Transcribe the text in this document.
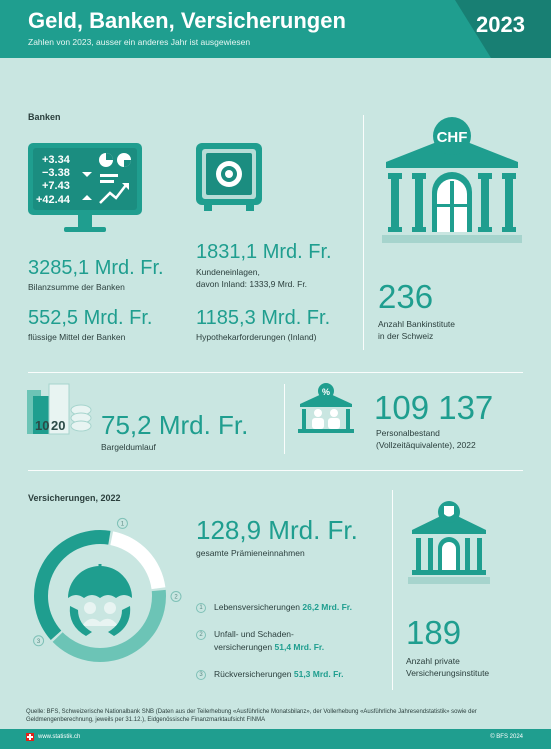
Geld, Banken, Versicherungen
Zahlen von 2023, ausser ein anderes Jahr ist ausgewiesen
2023
Banken
+3.34
−3.38
+7.43
+42.44
3285,1 Mrd. Fr.
Bilanzsumme der Banken
1831,1 Mrd. Fr.
Kundeneinlagen,
davon Inland: 1333,9 Mrd. Fr.
552,5 Mrd. Fr.
flüssige Mittel der Banken
1185,3 Mrd. Fr.
Hypothekarforderungen (Inland)
CHF
236
Anzahl Bankinstitute
in der Schweiz
10 20 75,2 Mrd. Fr.
Bargeldumlauf
% 109 137
Personalbestand
(Vollzeitäquivalente), 2022
Versicherungen, 2022
1
2
3
128,9 Mrd. Fr.
gesamte Prämieneinnahmen
1	Lebensversicherungen 26,2 Mrd. Fr.
2	Unfall- und Schaden-
versicherungen 51,4 Mrd. Fr.
3	Rückversicherungen 51,3 Mrd. Fr.
189
Anzahl private
Versicherungsinstitute
Quelle: BFS, Schweizerische Nationalbank SNB (Daten aus der Teilerhebung «Ausführliche Monatsbilanz», der Vollerhebung «Ausführliche Jahresendstatistik» sowie der Geldmengenberechnung, jeweils per 31.12.), Eidgenössische Finanzmarktaufsicht FINMA
www.statistik.ch	© BFS 2024
